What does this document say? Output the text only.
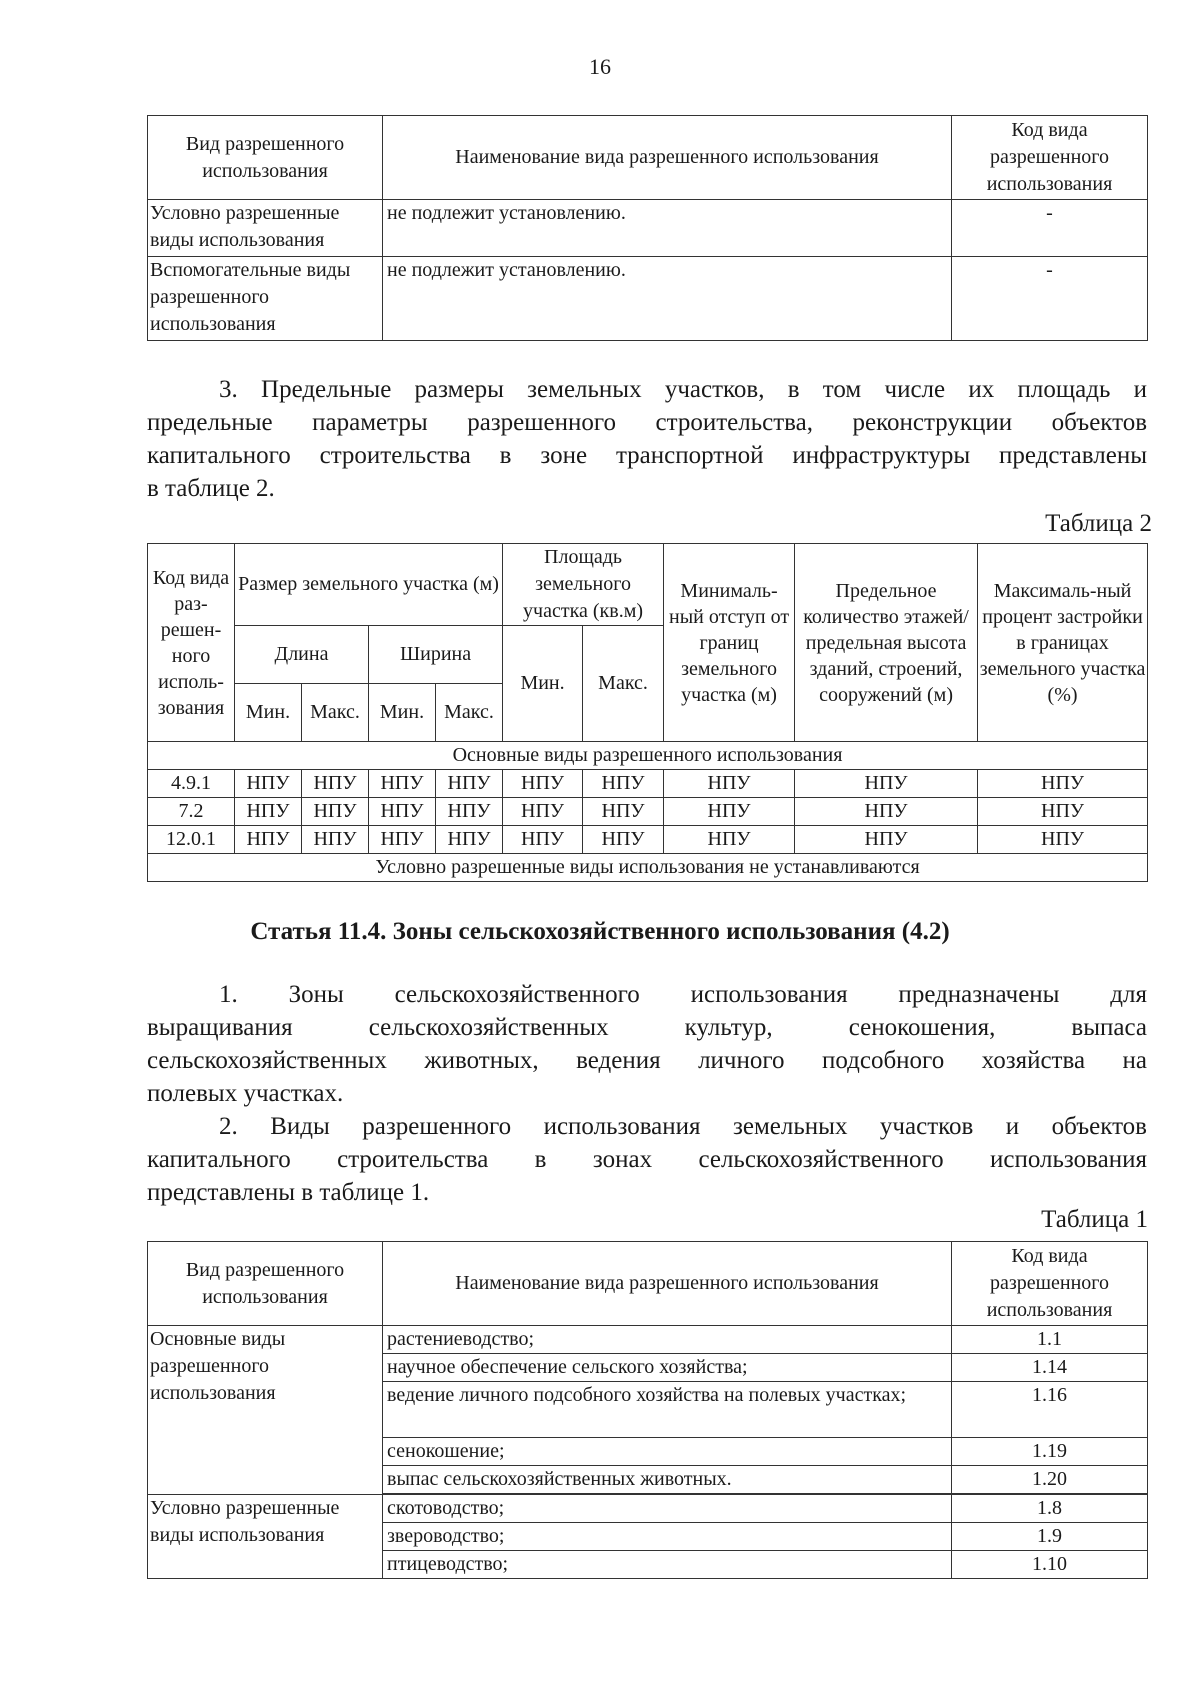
16
Вид разрешенного использования	Наименование вида разрешенного использования	Код вида разрешенного использования
Условно разрешенные виды использования	не подлежит установлению.	-
Вспомогательные виды разрешенного использования	не подлежит установлению.	-
3. Предельные размеры земельных участков, в том числе их площадь и
предельные параметры разрешенного строительства, реконструкции объектов
капитального строительства в зоне транспортной инфраструктуры представлены
в таблице 2.
Таблица 2
Код вида раз-решен-ного исполь-зования	Размер земельного участка (м)				Площадь земельного участка (кв.м)		Минималь-ный отступ от границ земельного участка (м)	Предельное количество этажей/ предельная высота зданий, строений, сооружений (м)	Максималь-ный процент застройки в границах земельного участка (%)
	Длина		Ширина		Мин.	Макс.			
	Мин.	Макс.	Мин.	Макс.					
Основные виды разрешенного использования									
4.9.1	НПУ	НПУ	НПУ	НПУ	НПУ	НПУ	НПУ	НПУ	НПУ
7.2	НПУ	НПУ	НПУ	НПУ	НПУ	НПУ	НПУ	НПУ	НПУ
12.0.1	НПУ	НПУ	НПУ	НПУ	НПУ	НПУ	НПУ	НПУ	НПУ
Условно разрешенные виды использования не устанавливаются									
Статья 11.4. Зоны сельскохозяйственного использования (4.2)
1. Зоны сельскохозяйственного использования предназначены для
выращивания сельскохозяйственных культур, сенокошения, выпаса
сельскохозяйственных животных, ведения личного подсобного хозяйства на
полевых участках.
2. Виды разрешенного использования земельных участков и объектов
капитального строительства в зонах сельскохозяйственного использования
представлены в таблице 1.
Таблица 1
Вид разрешенного использования	Наименование вида разрешенного использования	Код вида разрешенного использования
Основные виды разрешенного использования	растениеводство;	1.1
	научное обеспечение сельского хозяйства;	1.14
	ведение личного подсобного хозяйства на полевых участках;	1.16
	сенокошение;	1.19
	выпас сельскохозяйственных животных.	1.20

Условно разрешенные виды использования	скотоводство;	1.8
	звероводство;	1.9
	птицеводство;	1.10
